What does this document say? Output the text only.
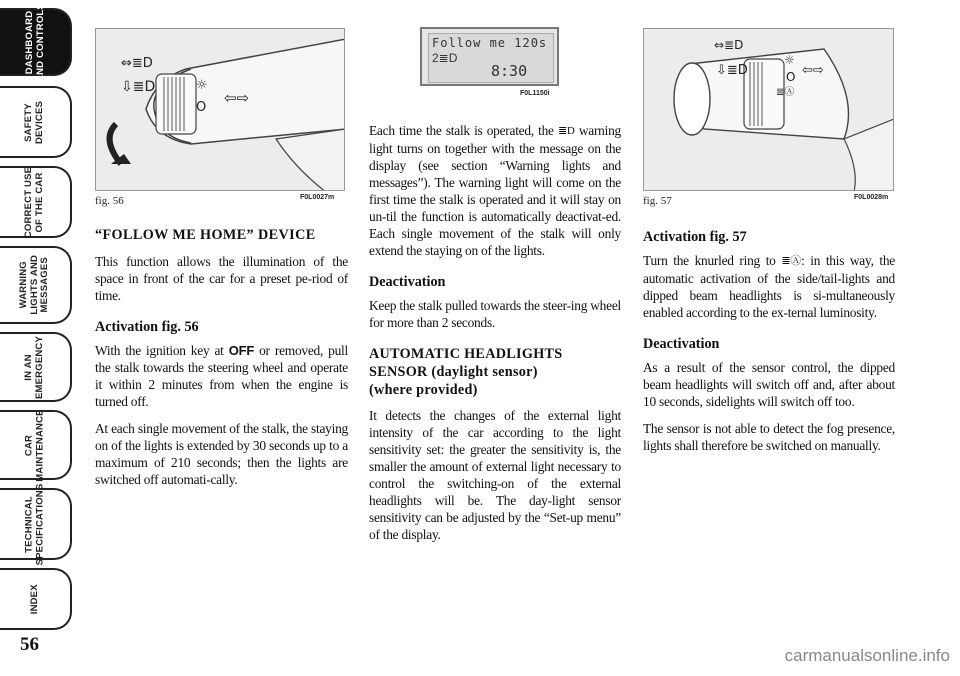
DASHBOARD
AND CONTROLS
SAFETY
DEVICES
CORRECT USE
OF THE CAR
WARNING
LIGHTS AND
MESSAGES
IN AN
EMERGENCY
CAR
MAINTENANCE
TECHNICAL
SPECIFICATIONS
INDEX
56
⇔≣D
⇩≣D	☼
O
⇦⇨
fig. 56	F0L0027m
Follow me 120s
2≣D
8:30
F0L1150i
⇔≣D
⇩≣D
☼
O ⇦⇨
≣Ⓐ
fig. 57	F0L0028m
“FOLLOW ME HOME” DEVICE

This function allows the illumination of the space in front of the car for a preset pe-riod of time.

Activation fig. 56

With the ignition key at OFF or removed, pull the stalk towards the steering wheel and operate it within 2 minutes from when the engine is turned off.

At each single movement of the stalk, the staying on of the lights is extended by 30 seconds up to a maximum of 210 seconds; then the lights are switched off automati-cally.

Each time the stalk is operated, the ≣D warning light turns on together with the message on the display (see section “Warning lights and messages”). The warning light will come on the first time the stalk is operated and it will stay on un-til the function is automatically deactivat-ed. Each single movement of the stalk will only extend the staying on of the lights.

Deactivation

Keep the stalk pulled towards the steer-ing wheel for more than 2 seconds.

AUTOMATIC HEADLIGHTS
SENSOR (daylight sensor)
(where provided)

It detects the changes of the external light intensity of the car according to the light sensitivity set: the greater the sensitivity is, the smaller the amount of external light necessary to control the switching-on of the external headlights will be. The day-light sensor sensitivity can be adjusted by the “Set-up menu” of the display.

Activation fig. 57

Turn the knurled ring to ≣Ⓐ: in this way, the automatic activation of the side/tail-lights and dipped beam headlights is si-multaneously enabled according to the ex-ternal luminosity.

Deactivation

As a result of the sensor control, the dipped beam headlights will switch off and, after about 10 seconds, sidelights will switch off too.

The sensor is not able to detect the fog presence, lights shall therefore be switched on manually.

carmanualsonline.info
